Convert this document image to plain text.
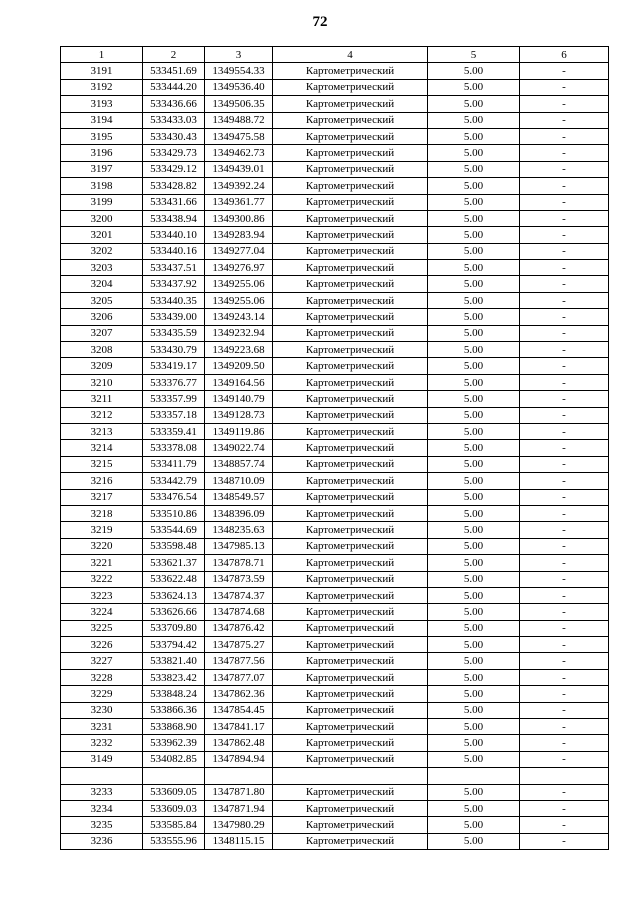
72
1	2	3	4	5	6
3191	533451.69	1349554.33	Картометрический	5.00	-
3192	533444.20	1349536.40	Картометрический	5.00	-
3193	533436.66	1349506.35	Картометрический	5.00	-
3194	533433.03	1349488.72	Картометрический	5.00	-
3195	533430.43	1349475.58	Картометрический	5.00	-
3196	533429.73	1349462.73	Картометрический	5.00	-
3197	533429.12	1349439.01	Картометрический	5.00	-
3198	533428.82	1349392.24	Картометрический	5.00	-
3199	533431.66	1349361.77	Картометрический	5.00	-
3200	533438.94	1349300.86	Картометрический	5.00	-
3201	533440.10	1349283.94	Картометрический	5.00	-
3202	533440.16	1349277.04	Картометрический	5.00	-
3203	533437.51	1349276.97	Картометрический	5.00	-
3204	533437.92	1349255.06	Картометрический	5.00	-
3205	533440.35	1349255.06	Картометрический	5.00	-
3206	533439.00	1349243.14	Картометрический	5.00	-
3207	533435.59	1349232.94	Картометрический	5.00	-
3208	533430.79	1349223.68	Картометрический	5.00	-
3209	533419.17	1349209.50	Картометрический	5.00	-
3210	533376.77	1349164.56	Картометрический	5.00	-
3211	533357.99	1349140.79	Картометрический	5.00	-
3212	533357.18	1349128.73	Картометрический	5.00	-
3213	533359.41	1349119.86	Картометрический	5.00	-
3214	533378.08	1349022.74	Картометрический	5.00	-
3215	533411.79	1348857.74	Картометрический	5.00	-
3216	533442.79	1348710.09	Картометрический	5.00	-
3217	533476.54	1348549.57	Картометрический	5.00	-
3218	533510.86	1348396.09	Картометрический	5.00	-
3219	533544.69	1348235.63	Картометрический	5.00	-
3220	533598.48	1347985.13	Картометрический	5.00	-
3221	533621.37	1347878.71	Картометрический	5.00	-
3222	533622.48	1347873.59	Картометрический	5.00	-
3223	533624.13	1347874.37	Картометрический	5.00	-
3224	533626.66	1347874.68	Картометрический	5.00	-
3225	533709.80	1347876.42	Картометрический	5.00	-
3226	533794.42	1347875.27	Картометрический	5.00	-
3227	533821.40	1347877.56	Картометрический	5.00	-
3228	533823.42	1347877.07	Картометрический	5.00	-
3229	533848.24	1347862.36	Картометрический	5.00	-
3230	533866.36	1347854.45	Картометрический	5.00	-
3231	533868.90	1347841.17	Картометрический	5.00	-
3232	533962.39	1347862.48	Картометрический	5.00	-
3149	534082.85	1347894.94	Картометрический	5.00	-

3233	533609.05	1347871.80	Картометрический	5.00	-
3234	533609.03	1347871.94	Картометрический	5.00	-
3235	533585.84	1347980.29	Картометрический	5.00	-
3236	533555.96	1348115.15	Картометрический	5.00	-
